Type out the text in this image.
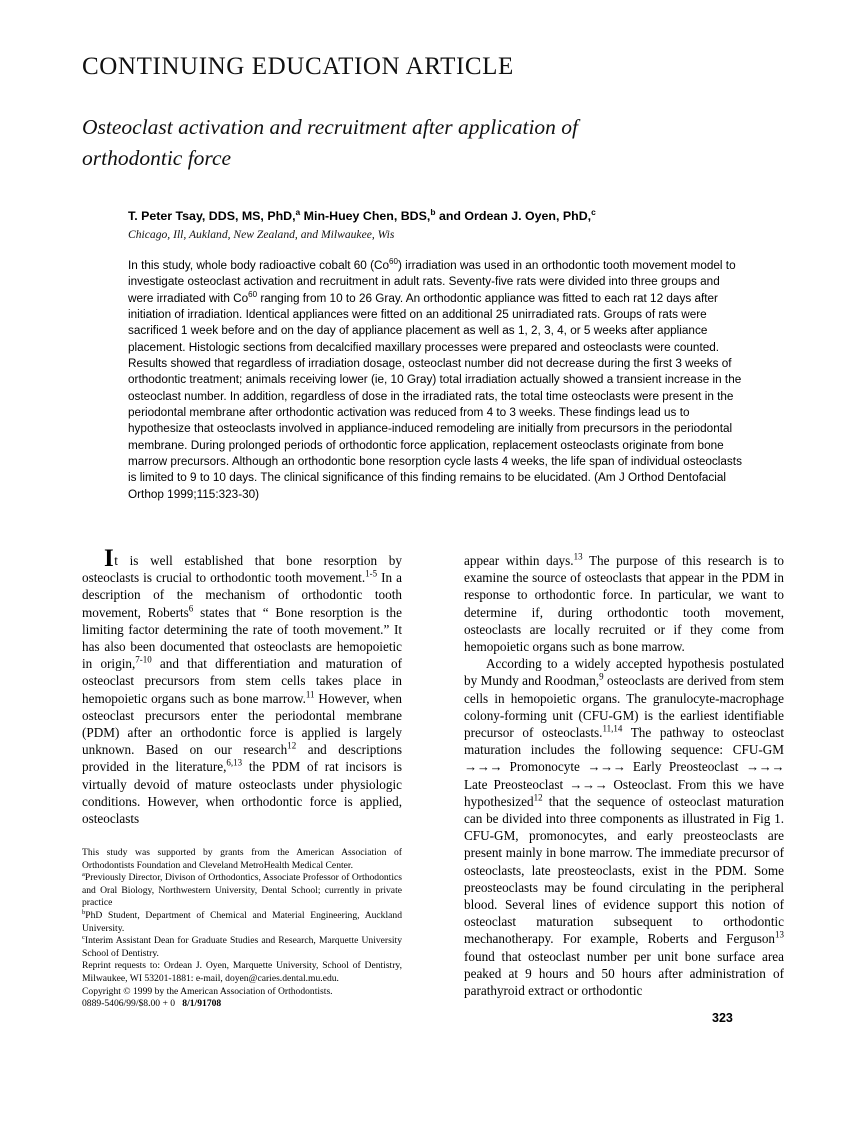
CONTINUING EDUCATION ARTICLE
Osteoclast activation and recruitment after application of
orthodontic force
T. Peter Tsay, DDS, MS, PhD,$^a$ Min-Huey Chen, BDS,$^b$ and Ordean J. Oyen, PhD,$^c$
Chicago, Ill, Aukland, New Zealand, and Milwaukee, Wis
In this study, whole body radioactive cobalt 60 (Co$^{60}$) irradiation was used in an orthodontic tooth movement model to investigate osteoclast activation and recruitment in adult rats. Seventy-five rats were divided into three groups and were irradiated with Co$^{60}$ ranging from 10 to 26 Gray. An orthodontic appliance was fitted to each rat 12 days after initiation of irradiation. Identical appliances were fitted on an additional 25 unirradiated rats. Groups of rats were sacrificed 1 week before and on the day of appliance placement as well as 1, 2, 3, 4, or 5 weeks after appliance placement. Histologic sections from decalcified maxillary processes were prepared and osteoclasts were counted. Results showed that regardless of irradiation dosage, osteoclast number did not decrease during the first 3 weeks of orthodontic treatment; animals receiving lower (ie, 10 Gray) total irradiation actually showed a transient increase in the osteoclast number. In addition, regardless of dose in the irradiated rats, the total time osteoclasts were present in the periodontal membrane after orthodontic activation was reduced from 4 to 3 weeks. These findings lead us to hypothesize that osteoclasts involved in appliance-induced remodeling are initially from precursors in the periodontal membrane. During prolonged periods of orthodontic force application, replacement osteoclasts originate from bone marrow precursors. Although an orthodontic bone resorption cycle lasts 4 weeks, the life span of individual osteoclasts is limited to 9 to 10 days. The clinical significance of this finding remains to be elucidated. (Am J Orthod Dentofacial Orthop 1999;115:323-30)

It is well established that bone resorption by osteoclasts is crucial to orthodontic tooth movement.$^{1-5}$ In a description of the mechanism of orthodontic tooth movement, Roberts$^6$ states that “ Bone resorption is the limiting factor determining the rate of tooth movement.” It has also been documented that osteoclasts are hemopoietic in origin,$^{7-10}$ and that differentiation and maturation of osteoclast precursors from stem cells takes place in hemopoietic organs such as bone marrow.$^{11}$ However, when osteoclast precursors enter the periodontal membrane (PDM) after an orthodontic force is applied is largely unknown. Based on our research$^{12}$ and descriptions provided in the literature,$^{6,13}$ the PDM of rat incisors is virtually devoid of mature osteoclasts under physiologic conditions. However, when orthodontic force is applied, osteoclasts

appear within days.$^{13}$ The purpose of this research is to examine the source of osteoclasts that appear in the PDM in response to orthodontic force. In particular, we want to determine if, during orthodontic tooth movement, osteoclasts are locally recruited or if they come from hemopoietic organs such as bone marrow.

According to a widely accepted hypothesis postulated by Mundy and Roodman,$^9$ osteoclasts are derived from stem cells in hemopoietic organs. The granulocyte-macrophage colony-forming unit (CFU-GM) is the earliest identifiable precursor of osteoclasts.$^{11,14}$ The pathway to osteoclast maturation includes the following sequence: CFU-GM →→→ Promonocyte →→→ Early Preosteoclast →→→ Late Preosteoclast →→→ Osteoclast. From this we have hypothesized$^{12}$ that the sequence of osteoclast maturation can be divided into three components as illustrated in Fig 1. CFU-GM, promonocytes, and early preosteoclasts are present mainly in bone marrow. The immediate precursor of osteoclasts, late preosteoclasts, exist in the PDM. Some preosteoclasts may be found circulating in the peripheral blood. Several lines of evidence support this notion of osteoclast maturation subsequent to orthodontic mechanotherapy. For example, Roberts and Ferguson$^{13}$ found that osteoclast number per unit bone surface area peaked at 9 hours and 50 hours after administration of parathyroid extract or orthodontic

This study was supported by grants from the American Association of Orthodontists Foundation and Cleveland MetroHealth Medical Center.

$^a$Previously Director, Divison of Orthodontics, Associate Professor of Orthodontics and Oral Biology, Northwestern University, Dental School; currently in private practice

$^b$PhD Student, Department of Chemical and Material Engineering, Auckland University.

$^c$Interim Assistant Dean for Graduate Studies and Research, Marquette University School of Dentistry.

Reprint requests to: Ordean J. Oyen, Marquette University, School of Dentistry, Milwaukee, WI 53201-1881: e-mail, doyen@caries.dental.mu.edu.

Copyright © 1999 by the American Association of Orthodontists.

0889-5406/99/$8.00 + 0 8/1/91708

323
